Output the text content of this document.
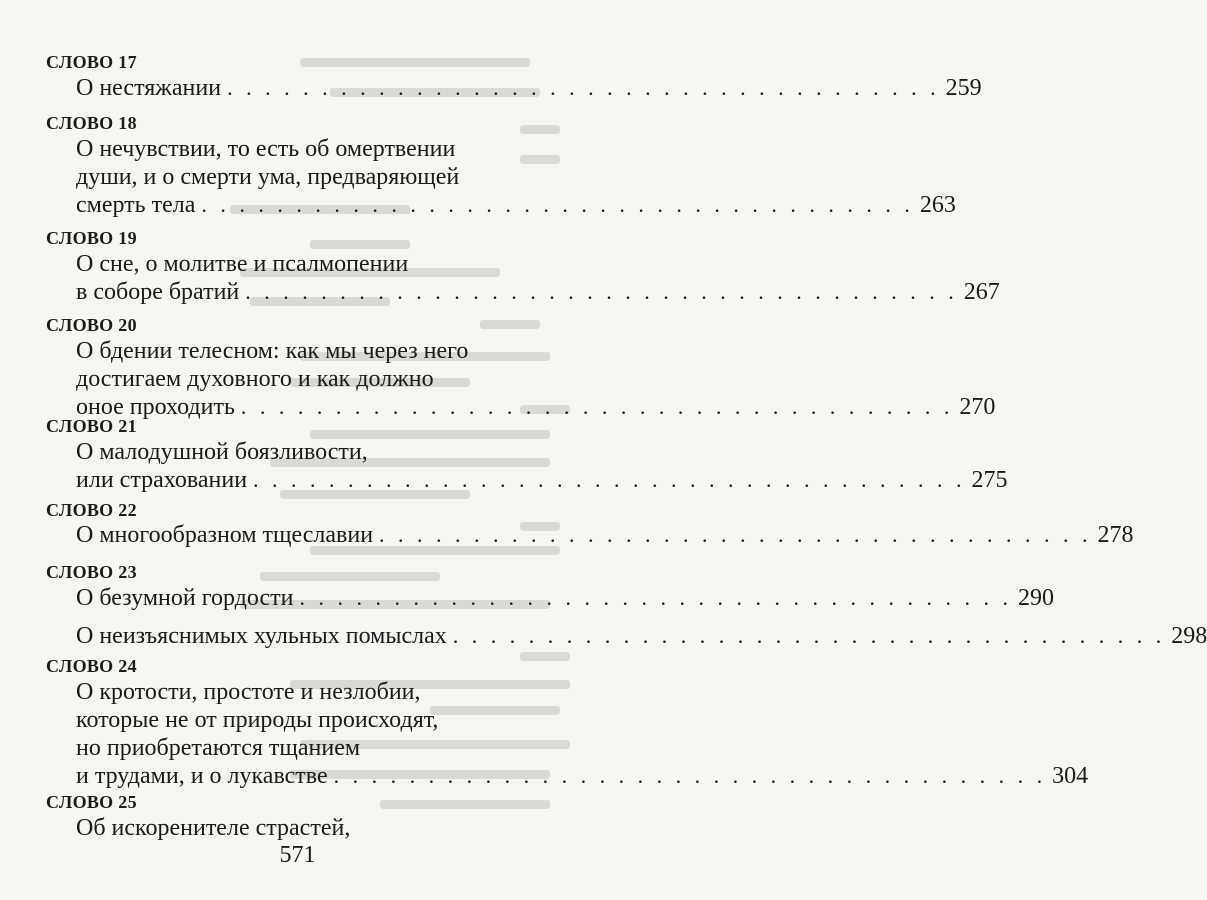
СЛОВО 17
О нестяжании . . . . . . . . . . . . . . . . . . . . . . . . . . . . . . . . . . . . . . 259
СЛОВО 18
О нечувствии, то есть об омертвении
души, и о смерти ума, предваряющей
смерть тела . . . . . . . . . . . . . . . . . . . . . . . . . . . . . . . . . . . . . . 263
СЛОВО 19
О сне, о молитве и псалмопении
в соборе братий . . . . . . . . . . . . . . . . . . . . . . . . . . . . . . . . . . . . . . 267
СЛОВО 20
О бдении телесном: как мы через него
достигаем духовного и как должно
оное проходить . . . . . . . . . . . . . . . . . . . . . . . . . . . . . . . . . . . . . . 270
СЛОВО 21
О малодушной боязливости,
или страховании . . . . . . . . . . . . . . . . . . . . . . . . . . . . . . . . . . . . . . 275
СЛОВО 22
О многообразном тщеславии . . . . . . . . . . . . . . . . . . . . . . . . . . . . . . . . . . . . . . 278
СЛОВО 23
О безумной гордости . . . . . . . . . . . . . . . . . . . . . . . . . . . . . . . . . . . . . . 290
О неизъяснимых хульных помыслах . . . . . . . . . . . . . . . . . . . . . . . . . . . . . . . . . . . . . . 298
СЛОВО 24
О кротости, простоте и незлобии,
которые не от природы происходят,
но приобретаются тщанием
и трудами, и о лукавстве . . . . . . . . . . . . . . . . . . . . . . . . . . . . . . . . . . . . . . 304
СЛОВО 25
Об искоренителе страстей,
571
